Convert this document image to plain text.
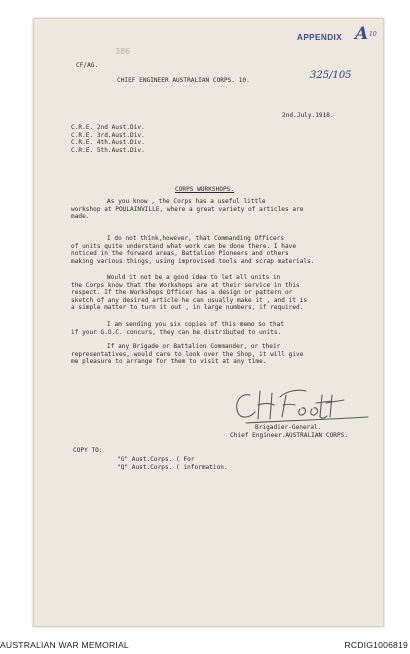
APPENDIX A 10
325/105
386
CF/AG.
CHIEF ENGINEER AUSTRALIAN CORPS. 10.
2nd.July.1918.
C.R.E. 2nd Aust.Div.
C.R.E. 3rd.Aust.Div.
C.R.E. 4th.Aust.Div.
C.R.E. 5th.Aust.Div.
CORPS WORKSHOPS.
As you know , the Corps has a useful little
workshop at POULAINVILLE, where a great variety of articles are
made.
I do not think,however, that Commanding Officers
of units quite understand what work can be done there. I have
noticed in the forward areas, Battalion Pioneers and others
making various things, using improvised tools and scrap materials.
Would it not be a good idea to let all units in
the Corps know that the Workshops are at their service in this
respect. If the Workshops Officer has a design or pattern or
sketch of any desired article he can usually make it , and it is
a simple matter to turn it out , in large numbers, if required.
I am sending you six copies of this memo so that
if your G.O.C. concurs, they can be distributed to units.
If any Brigade or Battalion Commander, or their
representatives, would care to look over the Shop, it will give
me pleasure to arrange for them to visit at any time.
Brigadier-General.
Chief Engineer.AUSTRALIAN CORPS.
COPY TO:
"G" Aust.Corps. ( For
"Q" Aust.Corps. ( information.
AUSTRALIAN WAR MEMORIAL	RCDIG1006819
